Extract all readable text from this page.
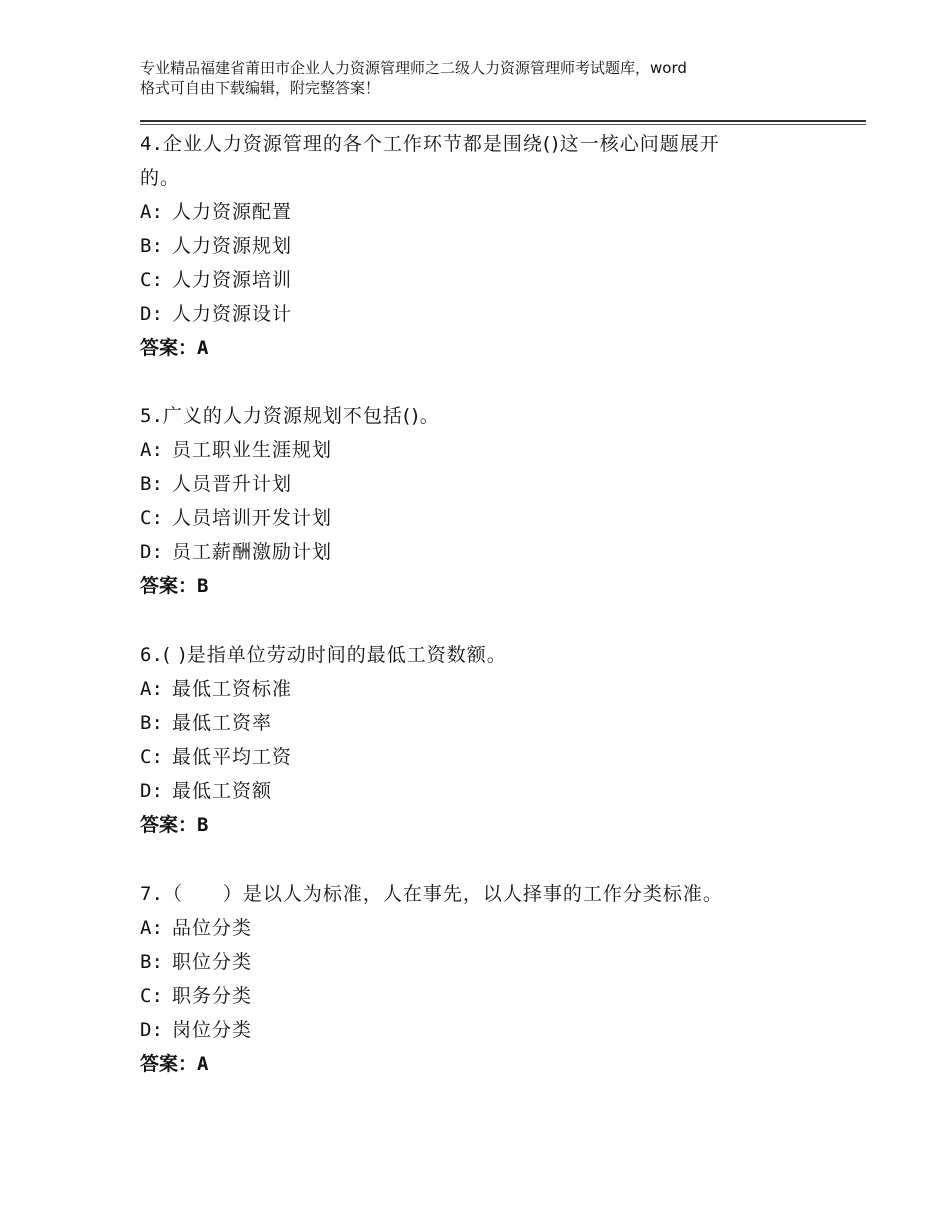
专业精品福建省莆田市企业人力资源管理师之二级人力资源管理师考试题库，word
格式可自由下载编辑，附完整答案！
4.企业人力资源管理的各个工作环节都是围绕()这一核心问题展开
的。
A: 人力资源配置
B: 人力资源规划
C: 人力资源培训
D: 人力资源设计
答案：A
5.广义的人力资源规划不包括()。
A: 员工职业生涯规划
B: 人员晋升计划
C: 人员培训开发计划
D: 员工薪酬激励计划
答案：B
6.( )是指单位劳动时间的最低工资数额。
A: 最低工资标准
B: 最低工资率
C: 最低平均工资
D: 最低工资额
答案：B
7.（　　）是以人为标准，人在事先，以人择事的工作分类标准。
A: 品位分类
B: 职位分类
C: 职务分类
D: 岗位分类
答案：A
